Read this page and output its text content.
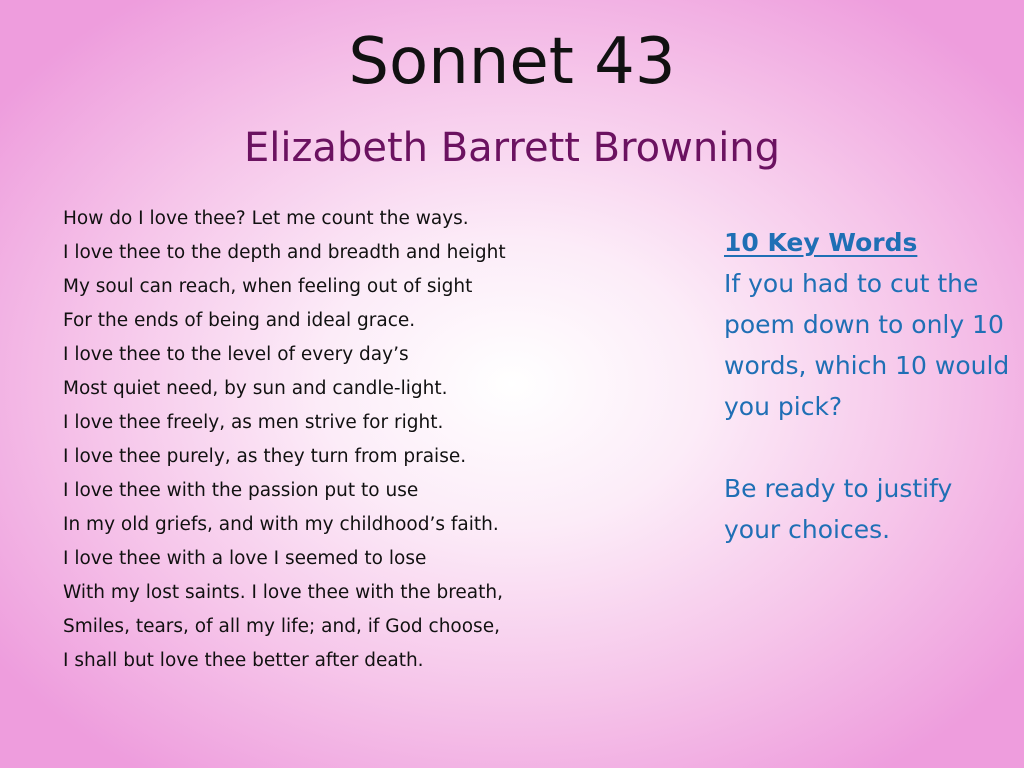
Sonnet 43
Elizabeth Barrett Browning
How do I love thee? Let me count the ways.
I love thee to the depth and breadth and height
My soul can reach, when feeling out of sight
For the ends of being and ideal grace.
I love thee to the level of every day’s
Most quiet need, by sun and candle-light.
I love thee freely, as men strive for right.
I love thee purely, as they turn from praise.
I love thee with the passion put to use
In my old griefs, and with my childhood’s faith.
I love thee with a love I seemed to lose
With my lost saints. I love thee with the breath,
Smiles, tears, of all my life; and, if God choose,
I shall but love thee better after death.
10 Key Words
If you had to cut the poem down to only 10 words, which 10 would you pick?
Be ready to justify your choices.
